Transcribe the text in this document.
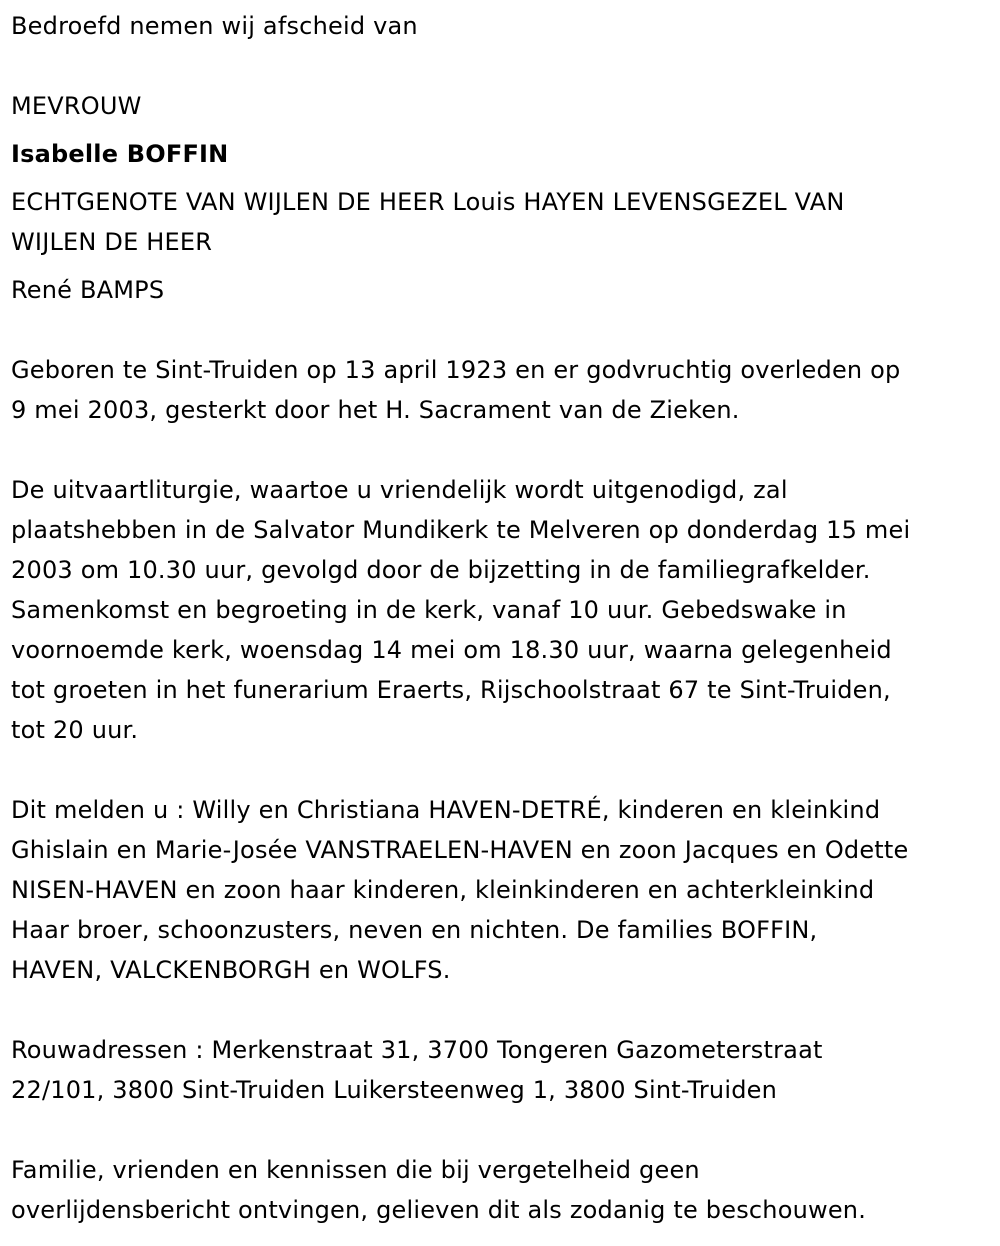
Bedroefd nemen wij afscheid van

MEVROUW

Isabelle BOFFIN

ECHTGENOTE VAN WIJLEN DE HEER Louis HAYEN LEVENSGEZEL VAN

WIJLEN DE HEER

René BAMPS

Geboren te Sint-Truiden op 13 april 1923 en er godvruchtig overleden op

9 mei 2003, gesterkt door het H. Sacrament van de Zieken.

De uitvaartliturgie, waartoe u vriendelijk wordt uitgenodigd, zal

plaatshebben in de Salvator Mundikerk te Melveren op donderdag 15 mei

2003 om 10.30 uur, gevolgd door de bijzetting in de familiegrafkelder.

Samenkomst en begroeting in de kerk, vanaf 10 uur. Gebedswake in

voornoemde kerk, woensdag 14 mei om 18.30 uur, waarna gelegenheid

tot groeten in het funerarium Eraerts, Rijschoolstraat 67 te Sint-Truiden,

tot 20 uur.

Dit melden u : Willy en Christiana HAVEN-DETRÉ, kinderen en kleinkind

Ghislain en Marie-Josée VANSTRAELEN-HAVEN en zoon Jacques en Odette

NISEN-HAVEN en zoon haar kinderen, kleinkinderen en achterkleinkind

Haar broer, schoonzusters, neven en nichten. De families BOFFIN,

HAVEN, VALCKENBORGH en WOLFS.

Rouwadressen : Merkenstraat 31, 3700 Tongeren Gazometerstraat

22/101, 3800 Sint-Truiden Luikersteenweg 1, 3800 Sint-Truiden

Familie, vrienden en kennissen die bij vergetelheid geen

overlijdensbericht ontvingen, gelieven dit als zodanig te beschouwen.
